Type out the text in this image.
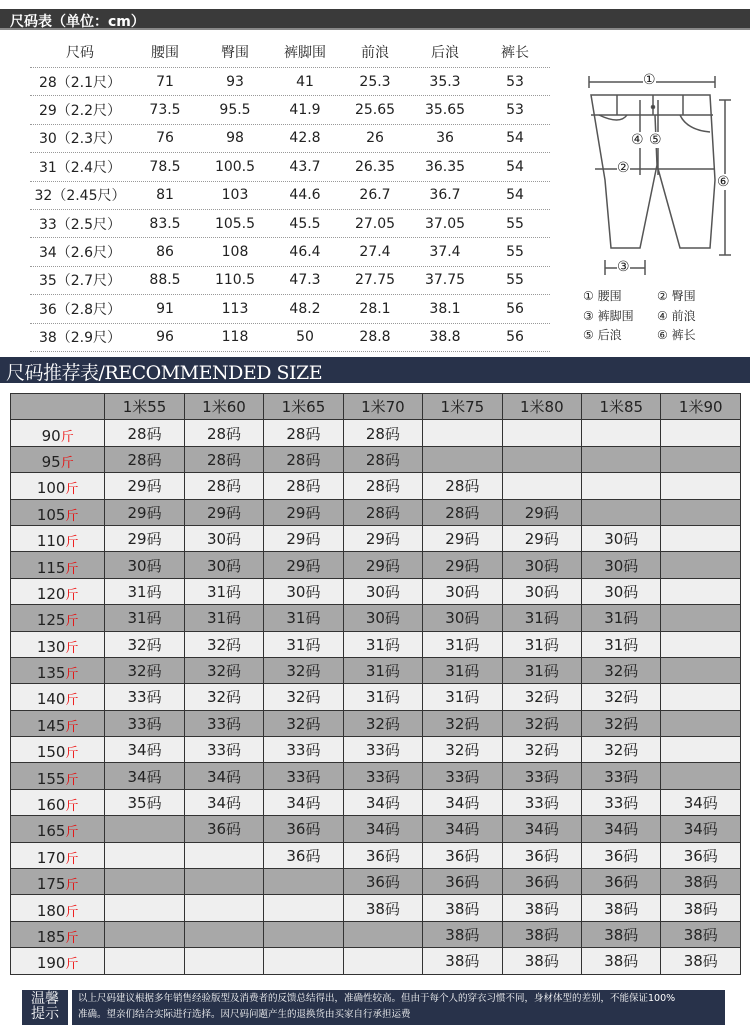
尺码表（单位：cm）
尺码	腰围	臀围	裤脚围	前浪	后浪	裤长
28（2.1尺）	71	93	41	25.3	35.3	53
29（2.2尺）	73.5	95.5	41.9	25.65	35.65	53
30（2.3尺）	76	98	42.8	26	36	54
31（2.4尺）	78.5	100.5	43.7	26.35	36.35	54
32（2.45尺）	81	103	44.6	26.7	36.7	54
33（2.5尺）	83.5	105.5	45.5	27.05	37.05	55
34（2.6尺）	86	108	46.4	27.4	37.4	55
35（2.7尺）	88.5	110.5	47.3	27.75	37.75	55
36（2.8尺）	91	113	48.2	28.1	38.1	56
38（2.9尺）	96	118	50	28.8	38.8	56
①
②
③
④ ⑤
⑥
① 腰围	② 臀围
③ 裤脚围 ④ 前浪
⑤ 后浪	⑥ 裤长
尺码推荐表/RECOMMENDED SIZE
	1米55	1米60	1米65	1米70	1米75	1米80	1米85	1米90
90斤	28码	28码	28码	28码				
95斤	28码	28码	28码	28码				
100斤	29码	28码	28码	28码	28码			
105斤	29码	29码	29码	28码	28码	29码		
110斤	29码	30码	29码	29码	29码	29码	30码	
115斤	30码	30码	29码	29码	29码	30码	30码	
120斤	31码	31码	30码	30码	30码	30码	30码	
125斤	31码	31码	31码	30码	30码	31码	31码	
130斤	32码	32码	31码	31码	31码	31码	31码	
135斤	32码	32码	32码	31码	31码	31码	32码	
140斤	33码	32码	32码	31码	31码	32码	32码	
145斤	33码	33码	32码	32码	32码	32码	32码	
150斤	34码	33码	33码	33码	32码	32码	32码	
155斤	34码	34码	33码	33码	33码	33码	33码	
160斤	35码	34码	34码	34码	34码	33码	33码	34码
165斤		36码	36码	34码	34码	34码	34码	34码
170斤			36码	36码	36码	36码	36码	36码
175斤				36码	36码	36码	36码	38码
180斤				38码	38码	38码	38码	38码
185斤					38码	38码	38码	38码
190斤					38码	38码	38码	38码
温馨
提示
以上尺码建议根据多年销售经验版型及消费者的反馈总结得出，准确性较高。但由于每个人的穿衣习惯不同，身材体型的差别，不能保证100%
准确。望亲们结合实际进行选择。因尺码问题产生的退换货由买家自行承担运费
